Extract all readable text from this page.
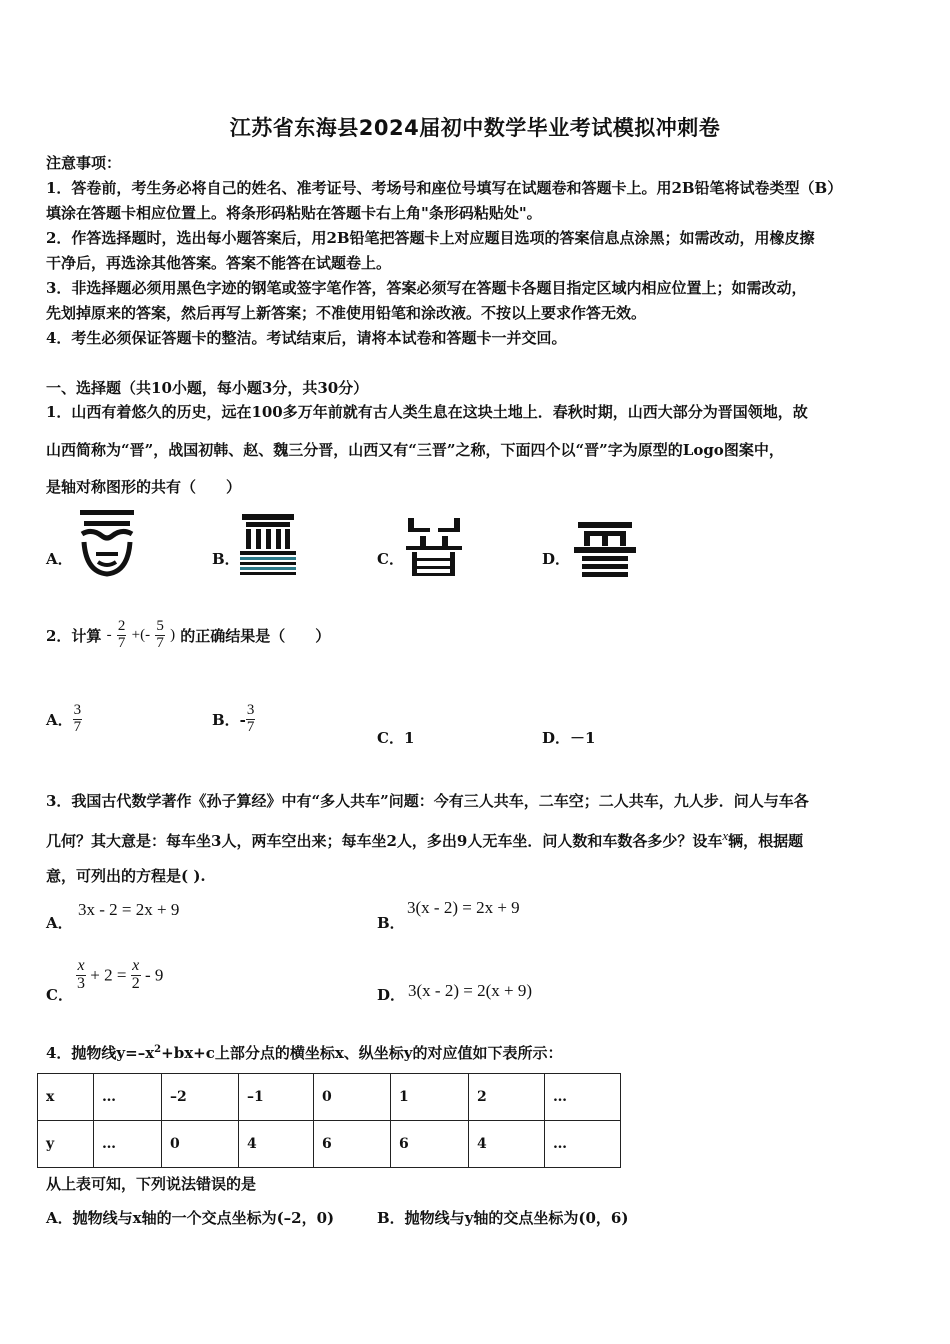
江苏省东海县2024届初中数学毕业考试模拟冲刺卷
注意事项：
1．答卷前，考生务必将自己的姓名、准考证号、考场号和座位号填写在试题卷和答题卡上。用2B铅笔将试卷类型（B）
填涂在答题卡相应位置上。将条形码粘贴在答题卡右上角"条形码粘贴处"。
2．作答选择题时，选出每小题答案后，用2B铅笔把答题卡上对应题目选项的答案信息点涂黑；如需改动，用橡皮擦
干净后，再选涂其他答案。答案不能答在试题卷上。
3．非选择题必须用黑色字迹的钢笔或签字笔作答，答案必须写在答题卡各题目指定区域内相应位置上；如需改动，
先划掉原来的答案，然后再写上新答案；不准使用铅笔和涂改液。不按以上要求作答无效。
4．考生必须保证答题卡的整洁。考试结束后，请将本试卷和答题卡一并交回。
一、选择题（共10小题，每小题3分，共30分）
1．山西有着悠久的历史，远在100多万年前就有古人类生息在这块土地上．春秋时期，山西大部分为晋国领地，故
山西简称为“晋”，战国初韩、赵、魏三分晋，山西又有“三晋”之称，下面四个以“晋”字为原型的Logo图案中，
是轴对称图形的共有（　　）
A．	B．	C．	D．
2．计算 - $\frac{2}{7}$ +(- $\frac{5}{7}$ ) 的正确结果是（　　）
A． $\frac{3}{7}$	B．- $\frac{3}{7}$
C．1	D．－1
3．我国古代数学著作《孙子算经》中有“多人共车”问题：今有三人共车，二车空；二人共车，九人步．问人与车各
几何？其大意是：每车坐3人，两车空出来；每车坐2人，多出9人无车坐．问人数和车数各多少？设车x辆，根据题
意，可列出的方程是( ).
A．
3x - 2 = 2x + 9
B．
3(x - 2) = 2x + 9
C．
$\frac{x}{3} + 2 = \frac{x}{2} - 9$
D． 3(x - 2) = 2(x + 9)
4．抛物线$y=-x^2+bx+c$上部分点的横坐标x、纵坐标y的对应值如下表所示：
x	…	–2	–1	0	1	2	…
y	…	0	4	6	6	4	…
从上表可知，下列说法错误的是
A．抛物线与x轴的一个交点坐标为(–2，0)	B．抛物线与y轴的交点坐标为(0，6)
